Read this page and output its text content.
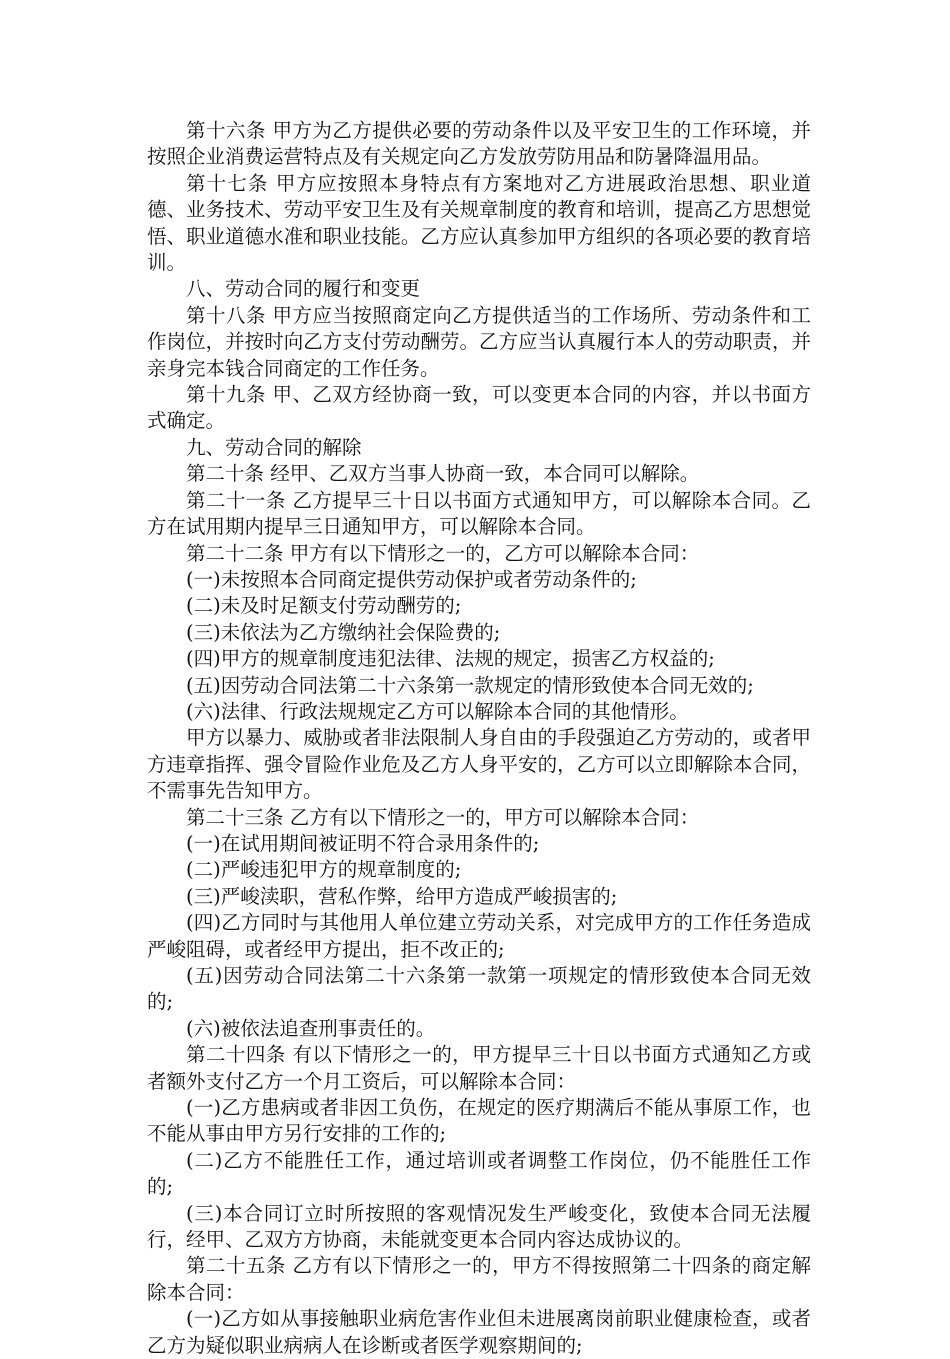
第十六条 甲方为乙方提供必要的劳动条件以及平安卫生的工作环境，并按照企业消费运营特点及有关规定向乙方发放劳防用品和防暑降温用品。

第十七条 甲方应按照本身特点有方案地对乙方进展政治思想、职业道德、业务技术、劳动平安卫生及有关规章制度的教育和培训，提高乙方思想觉悟、职业道德水准和职业技能。乙方应认真参加甲方组织的各项必要的教育培训。

八、劳动合同的履行和变更

第十八条 甲方应当按照商定向乙方提供适当的工作场所、劳动条件和工作岗位，并按时向乙方支付劳动酬劳。乙方应当认真履行本人的劳动职责，并亲身完本钱合同商定的工作任务。

第十九条 甲、乙双方经协商一致，可以变更本合同的内容，并以书面方式确定。

九、劳动合同的解除

第二十条 经甲、乙双方当事人协商一致，本合同可以解除。

第二十一条 乙方提早三十日以书面方式通知甲方，可以解除本合同。乙方在试用期内提早三日通知甲方，可以解除本合同。

第二十二条 甲方有以下情形之一的，乙方可以解除本合同：

(一)未按照本合同商定提供劳动保护或者劳动条件的;

(二)未及时足额支付劳动酬劳的;

(三)未依法为乙方缴纳社会保险费的;

(四)甲方的规章制度违犯法律、法规的规定，损害乙方权益的;

(五)因劳动合同法第二十六条第一款规定的情形致使本合同无效的;

(六)法律、行政法规规定乙方可以解除本合同的其他情形。

甲方以暴力、威胁或者非法限制人身自由的手段强迫乙方劳动的，或者甲方违章指挥、强令冒险作业危及乙方人身平安的，乙方可以立即解除本合同，不需事先告知甲方。

第二十三条 乙方有以下情形之一的，甲方可以解除本合同：

(一)在试用期间被证明不符合录用条件的;

(二)严峻违犯甲方的规章制度的;

(三)严峻渎职，营私作弊，给甲方造成严峻损害的;

(四)乙方同时与其他用人单位建立劳动关系，对完成甲方的工作任务造成严峻阻碍，或者经甲方提出，拒不改正的;

(五)因劳动合同法第二十六条第一款第一项规定的情形致使本合同无效的;

(六)被依法追查刑事责任的。

第二十四条 有以下情形之一的，甲方提早三十日以书面方式通知乙方或者额外支付乙方一个月工资后，可以解除本合同：

(一)乙方患病或者非因工负伤，在规定的医疗期满后不能从事原工作，也不能从事由甲方另行安排的工作的;

(二)乙方不能胜任工作，通过培训或者调整工作岗位，仍不能胜任工作的;

(三)本合同订立时所按照的客观情况发生严峻变化，致使本合同无法履行，经甲、乙双方方协商，未能就变更本合同内容达成协议的。

第二十五条 乙方有以下情形之一的，甲方不得按照第二十四条的商定解除本合同：

(一)乙方如从事接触职业病危害作业但未进展离岗前职业健康检查，或者乙方为疑似职业病病人在诊断或者医学观察期间的;
